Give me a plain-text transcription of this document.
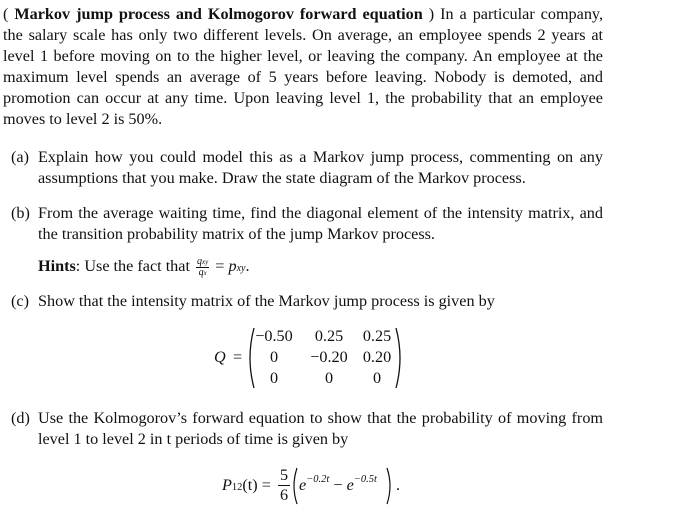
( Markov jump process and Kolmogorov forward equation ) In a particular company, the salary scale has only two different levels. On average, an employee spends 2 years at level 1 before moving on to the higher level, or leaving the company. An employee at the maximum level spends an average of 5 years before leaving. Nobody is demoted, and promotion can occur at any time. Upon leaving level 1, the probability that an employee moves to level 2 is 50%.

(a) Explain how you could model this as a Markov jump process, commenting on any assumptions that you make. Draw the state diagram of the Markov process.
(b) From the average waiting time, find the diagonal element of the intensity matrix, and the transition probability matrix of the jump Markov process.
Hints: Use the fact that $\frac{\text{qxy}}{qx}$ = pxy.
(c) Show that the intensity matrix of the Markov jump process is given by
Q =
−0.50	0.25	0.25
0	−0.20 0.20
0	0	0
(d) Use the Kolmogorov’s forward equation to show that the probability of moving from level 1 to level 2 in t periods of time is given by
$P12(t) = \frac{5}{6} e^{-0.2t} - e^{-0.5t}$ .
